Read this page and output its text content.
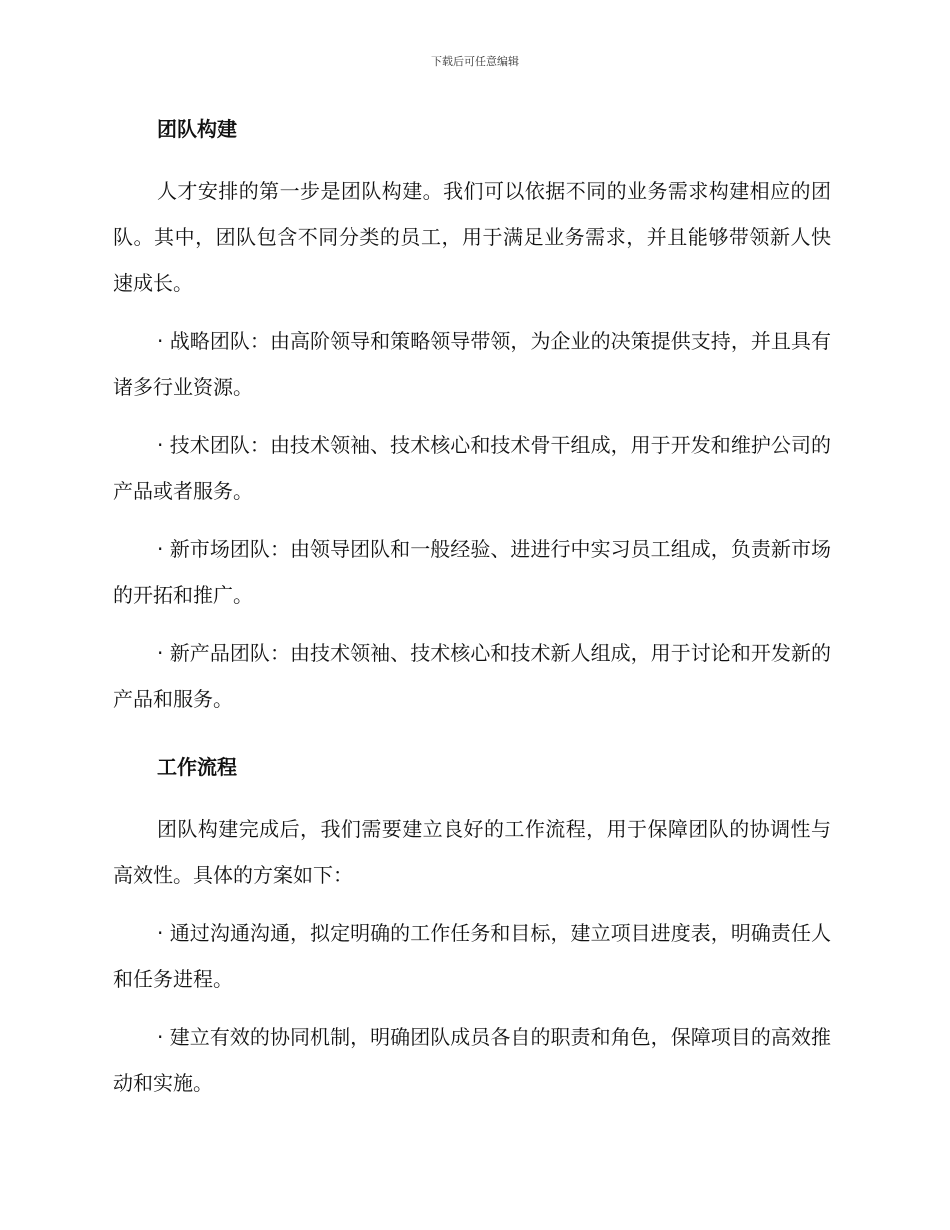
下载后可任意编辑
团队构建

人才安排的第一步是团队构建。我们可以依据不同的业务需求构建相应的团队。其中，团队包含不同分类的员工，用于满足业务需求，并且能够带领新人快速成长。

· 战略团队：由高阶领导和策略领导带领，为企业的决策提供支持，并且具有诸多行业资源。

· 技术团队：由技术领袖、技术核心和技术骨干组成，用于开发和维护公司的产品或者服务。

· 新市场团队：由领导团队和一般经验、进进行中实习员工组成，负责新市场的开拓和推广。

· 新产品团队：由技术领袖、技术核心和技术新人组成，用于讨论和开发新的产品和服务。

工作流程

团队构建完成后，我们需要建立良好的工作流程，用于保障团队的协调性与高效性。具体的方案如下：

· 通过沟通沟通，拟定明确的工作任务和目标，建立项目进度表，明确责任人和任务进程。

· 建立有效的协同机制，明确团队成员各自的职责和角色，保障项目的高效推动和实施。
